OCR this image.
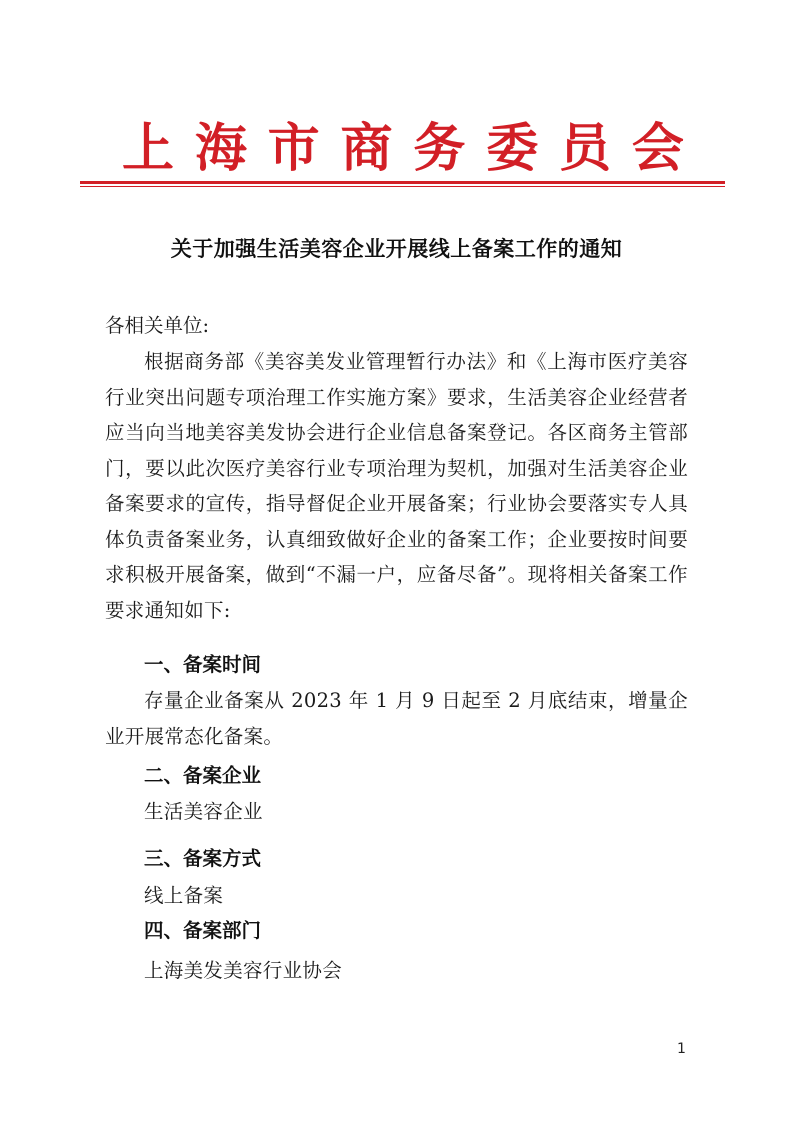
上 海 市 商 务 委 员 会
关于加强生活美容企业开展线上备案工作的通知
各相关单位:
根据商务部《美容美发业管理暂行办法》和《上海市医疗美容行业突出问题专项治理工作实施方案》要求，生活美容企业经营者应当向当地美容美发协会进行企业信息备案登记。各区商务主管部门，要以此次医疗美容行业专项治理为契机，加强对生活美容企业备案要求的宣传，指导督促企业开展备案；行业协会要落实专人具体负责备案业务，认真细致做好企业的备案工作；企业要按时间要求积极开展备案，做到“不漏一户，应备尽备”。现将相关备案工作要求通知如下:
一、备案时间
存量企业备案从 2023 年 1 月 9 日起至 2 月底结束，增量企业开展常态化备案。
二、备案企业
生活美容企业
三、备案方式
线上备案
四、备案部门
上海美发美容行业协会
1
